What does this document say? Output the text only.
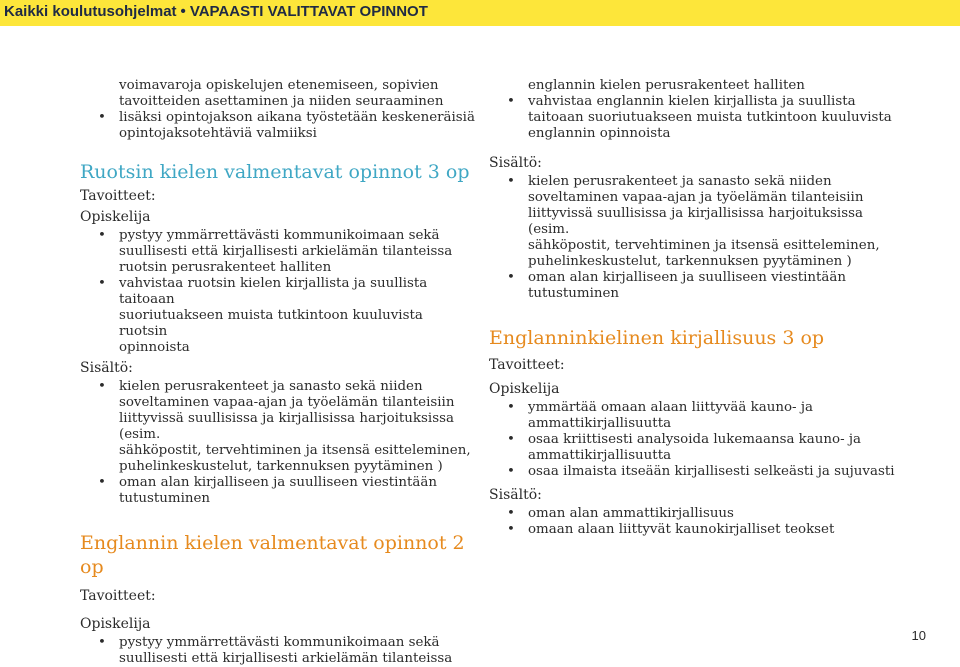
Kaikki koulutusohjelmat • VAPAASTI VALITTAVAT OPINNOT

voimavaroja opiskelujen etenemiseen, sopivien

tavoitteiden asettaminen ja niiden seuraaminen

• lisäksi opintojakson aikana työstetään keskeneräisiä
opintojaksotehtäviä valmiiksi
Ruotsin kielen valmentavat opinnot 3 op
Tavoitteet:
Opiskelija
• pystyy ymmärrettävästi kommunikoimaan sekä
suullisesti että kirjallisesti arkielämän tilanteissa
ruotsin perusrakenteet halliten
• vahvistaa ruotsin kielen kirjallista ja suullista taitoaan
suoriutuakseen muista tutkintoon kuuluvista ruotsin
opinnoista
Sisältö:
• kielen perusrakenteet ja sanasto sekä niiden
soveltaminen vapaa-ajan ja työelämän tilanteisiin
liittyvissä suullisissa ja kirjallisissa harjoituksissa (esim.
sähköpostit, tervehtiminen ja itsensä esitteleminen,
puhelinkeskustelut, tarkennuksen pyytäminen )
• oman alan kirjalliseen ja suulliseen viestintään
tutustuminen
Englannin kielen valmentavat opinnot 2 op
Tavoitteet:
Opiskelija
• pystyy ymmärrettävästi kommunikoimaan sekä
suullisesti että kirjallisesti arkielämän tilanteissa

englannin kielen perusrakenteet halliten

• vahvistaa englannin kielen kirjallista ja suullista
taitoaan suoriutuakseen muista tutkintoon kuuluvista
englannin opinnoista
Sisältö:
• kielen perusrakenteet ja sanasto sekä niiden
soveltaminen vapaa-ajan ja työelämän tilanteisiin
liittyvissä suullisissa ja kirjallisissa harjoituksissa (esim.
sähköpostit, tervehtiminen ja itsensä esitteleminen,
puhelinkeskustelut, tarkennuksen pyytäminen )
• oman alan kirjalliseen ja suulliseen viestintään
tutustuminen
Englanninkielinen kirjallisuus 3 op
Tavoitteet:
Opiskelija
• ymmärtää omaan alaan liittyvää kauno- ja
ammattikirjallisuutta
• osaa kriittisesti analysoida lukemaansa kauno- ja
ammattikirjallisuutta
• osaa ilmaista itseään kirjallisesti selkeästi ja sujuvasti
Sisältö:
• oman alan ammattikirjallisuus
• omaan alaan liittyvät kaunokirjalliset teokset
10
